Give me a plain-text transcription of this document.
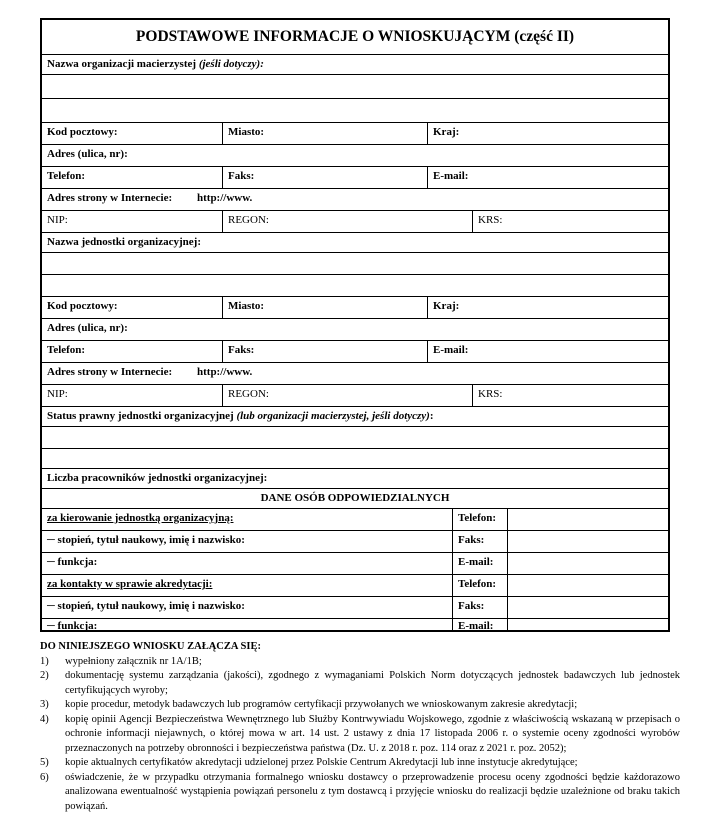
PODSTAWOWE INFORMACJE O WNIOSKUJĄCYM (część II)
Nazwa organizacji macierzystej (jeśli dotyczy):
Kod pocztowy:	Miasto:	Kraj:
Adres (ulica, nr):
Telefon:	Faks:	E-mail:
Adres strony w Internecie:	http://www.
NIP:	REGON:	KRS:
Nazwa jednostki organizacyjnej:
Kod pocztowy:	Miasto:	Kraj:
Adres (ulica, nr):
Telefon:	Faks:	E-mail:
Adres strony w Internecie:	http://www.
NIP:	REGON:	KRS:
Status prawny jednostki organizacyjnej (lub organizacji macierzystej, jeśli dotyczy):
Liczba pracowników jednostki organizacyjnej:
DANE OSÓB ODPOWIEDZIALNYCH
za kierowanie jednostką organizacyjną:	Telefon:
─ stopień, tytuł naukowy, imię i nazwisko:	Faks:
─ funkcja:	E-mail:
za kontakty w sprawie akredytacji:	Telefon:
─ stopień, tytuł naukowy, imię i nazwisko:	Faks:
─ funkcja:	E-mail:
DO NINIEJSZEGO WNIOSKU ZAŁĄCZA SIĘ:
1)	wypełniony załącznik nr 1A/1B;
2)	dokumentację systemu zarządzania (jakości), zgodnego z wymaganiami Polskich Norm dotyczących jednostek badawczych lub jednostek certyfikujących wyroby;
3)	kopie procedur, metodyk badawczych lub programów certyfikacji przywołanych we wnioskowanym zakresie akredytacji;
4)	kopię opinii Agencji Bezpieczeństwa Wewnętrznego lub Służby Kontrwywiadu Wojskowego, zgodnie z właściwością wskazaną w przepisach o ochronie informacji niejawnych, o której mowa w art. 14 ust. 2 ustawy z dnia 17 listopada 2006 r. o systemie oceny zgodności wyrobów przeznaczonych na potrzeby obronności i bezpieczeństwa państwa (Dz. U. z 2018 r. poz. 114 oraz z 2021 r. poz. 2052);
5)	kopie aktualnych certyfikatów akredytacji udzielonej przez Polskie Centrum Akredytacji lub inne instytucje akredytujące;
6)	oświadczenie, że w przypadku otrzymania formalnego wniosku dostawcy o przeprowadzenie procesu oceny zgodności będzie każdorazowo analizowana ewentualność wystąpienia powiązań personelu z tym dostawcą i przyjęcie wniosku do realizacji będzie uzależnione od braku takich powiązań.
